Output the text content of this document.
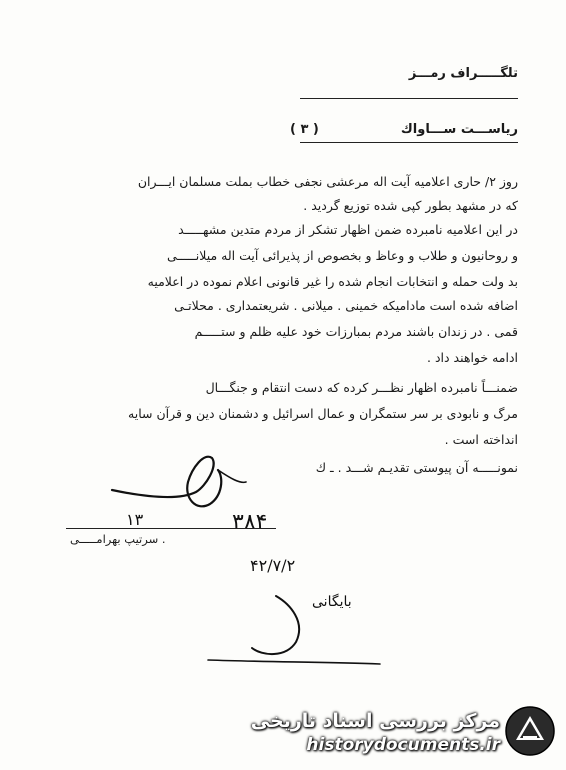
تلگـــــراف رمـــز
ریاســـت ســـاواك
( ۳ )
روز ۲/ حاری اعلامیه آیت اله مرعشی نجفی خطاب بملت مسلمان ایـــران
که در مشهد بطور کپی شده توزیع گردید .
در این اعلامیه نامبرده ضمن اظهار تشکر از مردم متدین مشهـــــد
و روحانیون و طلاب و وعاظ و بخصوص از پذیرائی آیت اله میلانـــــی
بد ولت حمله و انتخابات انجام شده را غیر قانونی اعلام نموده در اعلامیه
اضافه شده است مادامیکه خمینی . میلانی . شریعتمداری . محلاتـی
قمی . در زندان باشند مردم بمبارزات خود علیه ظلم و ستـــــم
ادامه خواهند داد .
ضمنـــاً نامبرده اظهار نظـــر کرده که دست انتقام و جنگـــال
مرگ و نابودی بر سر ستمگران و عمال اسرائیل و دشمنان دین و قرآن سایه
انداخته است .
نمونـــــه آن پیوستی تقدیـم شـــد . ـ ك
۳۸۴
۱۳
. سرتیپ بهرامـــــی
۴۲/۷/۲
بایگانی
مرکز بررسی اسناد تاریخی
historydocuments.ir
